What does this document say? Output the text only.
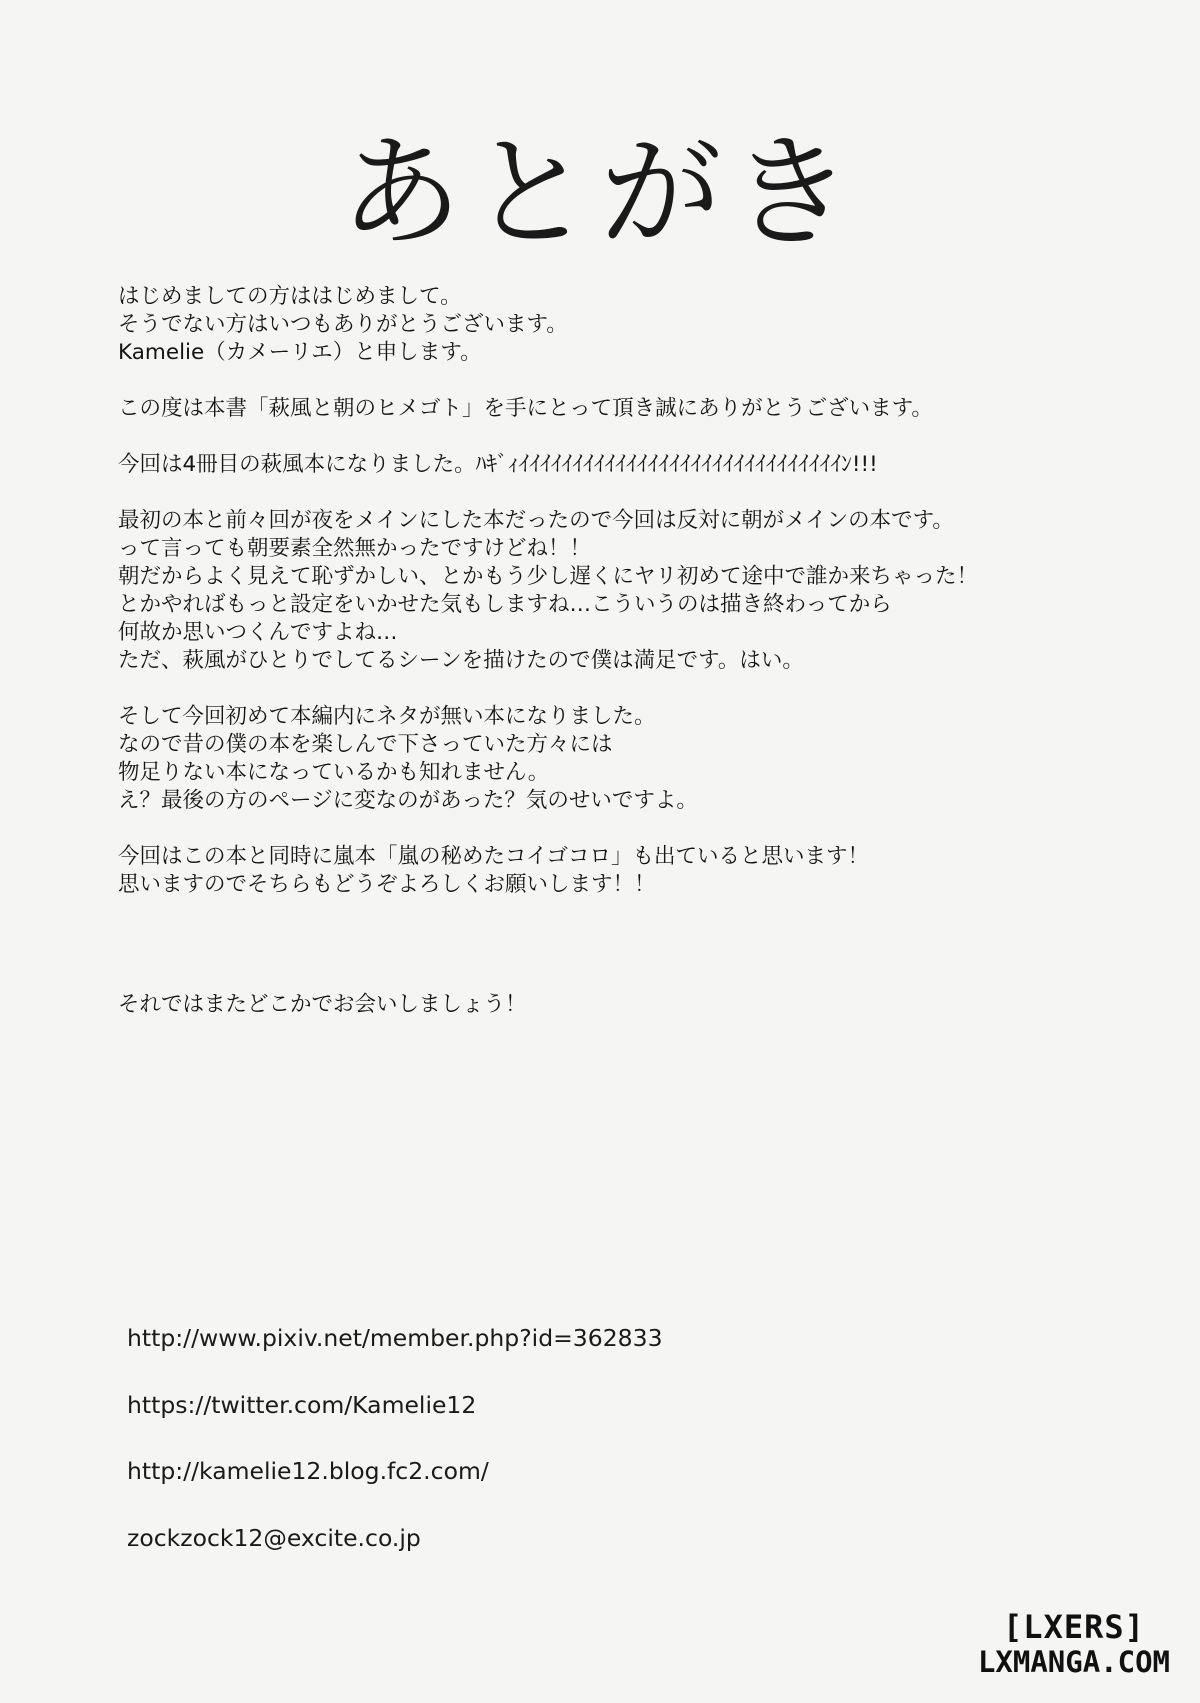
あとがき

はじめましての方ははじめまして。
そうでない方はいつもありがとうございます。
Kamelie（カメーリエ）と申します。

この度は本書「萩風と朝のヒメゴト」を手にとって頂き誠にありがとうございます。

今回は4冊目の萩風本になりました。ﾊｷﾞｨｲｲｲｲｲｲｲｲｲｲｲｲｲｲｲｲｲｲｲｲｲｲｲｲｲｲｲｲｲｲﾝ!!!

最初の本と前々回が夜をメインにした本だったので今回は反対に朝がメインの本です。
って言っても朝要素全然無かったですけどね！！
朝だからよく見えて恥ずかしい、とかもう少し遅くにヤリ初めて途中で誰か来ちゃった！
とかやればもっと設定をいかせた気もしますね…こういうのは描き終わってから
何故か思いつくんですよね…
ただ、萩風がひとりでしてるシーンを描けたので僕は満足です。はい。

そして今回初めて本編内にネタが無い本になりました。
なので昔の僕の本を楽しんで下さっていた方々には
物足りない本になっているかも知れません。
え？最後の方のページに変なのがあった？気のせいですよ。

今回はこの本と同時に嵐本「嵐の秘めたコイゴコロ」も出ていると思います！
思いますのでそちらもどうぞよろしくお願いします！！

それではまたどこかでお会いしましょう！
http://www.pixiv.net/member.php?id=362833
https://twitter.com/Kamelie12
http://kamelie12.blog.fc2.com/
zockzock12@excite.co.jp
[LXERS]
LXMANGA.COM
